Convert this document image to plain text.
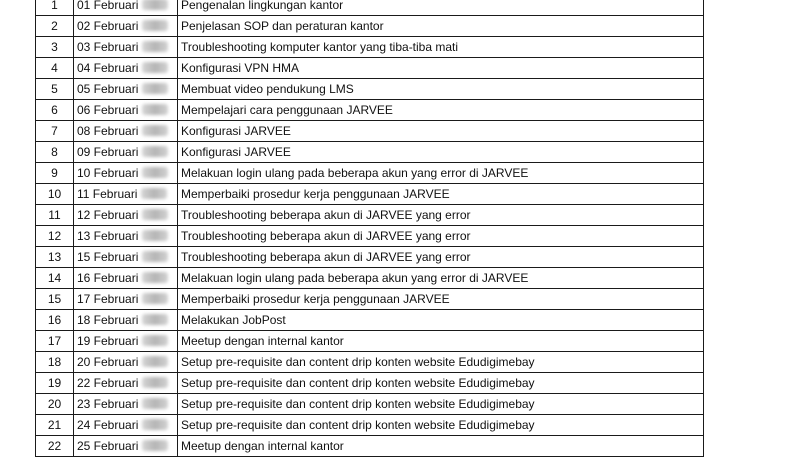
1	01 Februari	Pengenalan lingkungan kantor
2	02 Februari	Penjelasan SOP dan peraturan kantor
3	03 Februari	Troubleshooting komputer kantor yang tiba-tiba mati
4	04 Februari	Konfigurasi VPN HMA
5	05 Februari	Membuat video pendukung LMS
6	06 Februari	Mempelajari cara penggunaan JARVEE
7	08 Februari	Konfigurasi JARVEE
8	09 Februari	Konfigurasi JARVEE
9	10 Februari	Melakuan login ulang pada beberapa akun yang error di JARVEE
10	11 Februari	Memperbaiki prosedur kerja penggunaan JARVEE
11	12 Februari	Troubleshooting beberapa akun di JARVEE yang error
12	13 Februari	Troubleshooting beberapa akun di JARVEE yang error
13	15 Februari	Troubleshooting beberapa akun di JARVEE yang error
14	16 Februari	Melakuan login ulang pada beberapa akun yang error di JARVEE
15	17 Februari	Memperbaiki prosedur kerja penggunaan JARVEE
16	18 Februari	Melakukan JobPost
17	19 Februari	Meetup dengan internal kantor
18	20 Februari	Setup pre-requisite dan content drip konten website Edudigimebay
19	22 Februari	Setup pre-requisite dan content drip konten website Edudigimebay
20	23 Februari	Setup pre-requisite dan content drip konten website Edudigimebay
21	24 Februari	Setup pre-requisite dan content drip konten website Edudigimebay
22	25 Februari	Meetup dengan internal kantor
